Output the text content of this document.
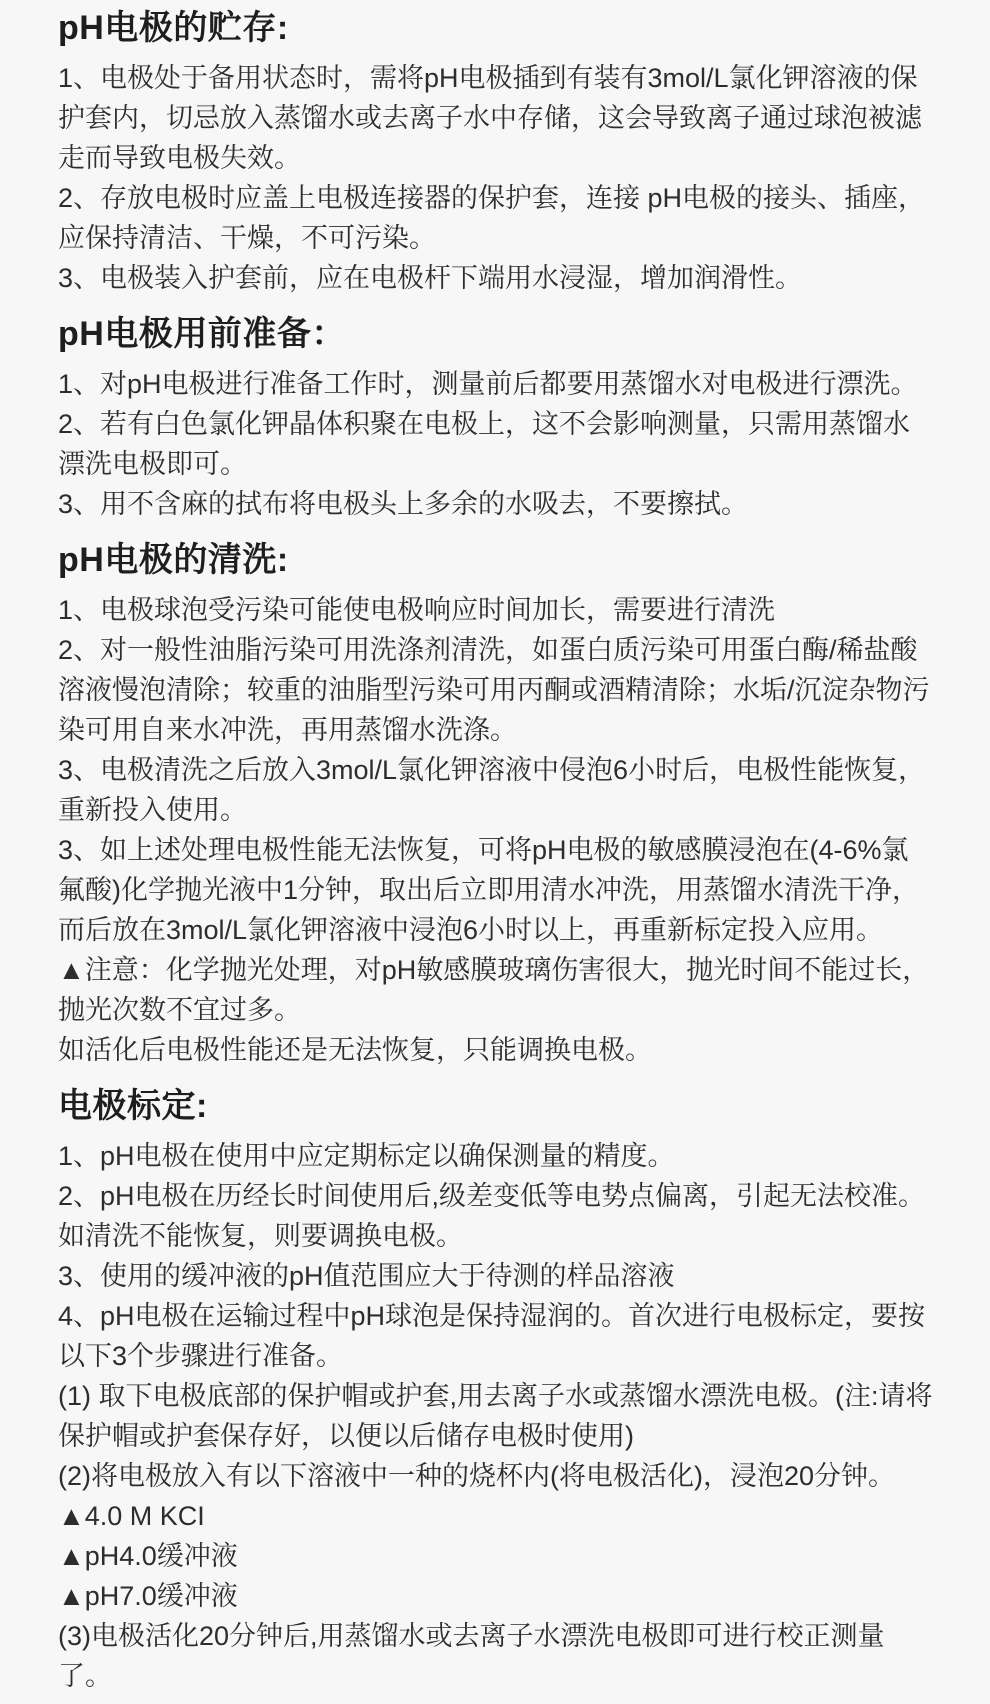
pH电极的贮存:

1、电极处于备用状态时，需将pH电极插到有装有3mol/L氯化钾溶液的保护套内，切忌放入蒸馏水或去离子水中存储，这会导致离子通过球泡被滤走而导致电极失效。

2、存放电极时应盖上电极连接器的保护套，连接 pH电极的接头、插座，应保持清洁、干燥，不可污染。

3、电极装入护套前，应在电极杆下端用水浸湿，增加润滑性。

pH电极用前准备：

1、对pH电极进行准备工作时，测量前后都要用蒸馏水对电极进行漂洗。

2、若有白色氯化钾晶体积聚在电极上，这不会影响测量，只需用蒸馏水漂洗电极即可。

3、用不含麻的拭布将电极头上多余的水吸去，不要擦拭。

pH电极的清洗:

1、电极球泡受污染可能使电极响应时间加长，需要进行清洗

2、对一般性油脂污染可用洗涤剂清洗，如蛋白质污染可用蛋白酶/稀盐酸溶液慢泡清除；较重的油脂型污染可用丙酮或酒精清除；水垢/沉淀杂物污染可用自来水冲洗，再用蒸馏水洗涤。

3、电极清洗之后放入3mol/L氯化钾溶液中侵泡6小时后，电极性能恢复，重新投入使用。

3、如上述处理电极性能无法恢复，可将pH电极的敏感膜浸泡在(4-6%氯氟酸)化学抛光液中1分钟，取出后立即用清水冲洗，用蒸馏水清洗干净，而后放在3mol/L氯化钾溶液中浸泡6小时以上，再重新标定投入应用。

▲注意：化学抛光处理，对pH敏感膜玻璃伤害很大，抛光时间不能过长，抛光次数不宜过多。

如活化后电极性能还是无法恢复，只能调换电极。

电极标定:

1、pH电极在使用中应定期标定以确保测量的精度。

2、pH电极在历经长时间使用后,级差变低等电势点偏离，引起无法校准。如清洗不能恢复，则要调换电极。

3、使用的缓冲液的pH值范围应大于待测的样品溶液

4、pH电极在运输过程中pH球泡是保持湿润的。首次进行电极标定，要按以下3个步骤进行准备。

(1) 取下电极底部的保护帽或护套,用去离子水或蒸馏水漂洗电极。(注:请将保护帽或护套保存好，以便以后储存电极时使用)

(2)将电极放入有以下溶液中一种的烧杯内(将电极活化)，浸泡20分钟。

▲4.0 M KCI

▲pH4.0缓冲液

▲pH7.0缓冲液

(3)电极活化20分钟后,用蒸馏水或去离子水漂洗电极即可进行校正测量了。
